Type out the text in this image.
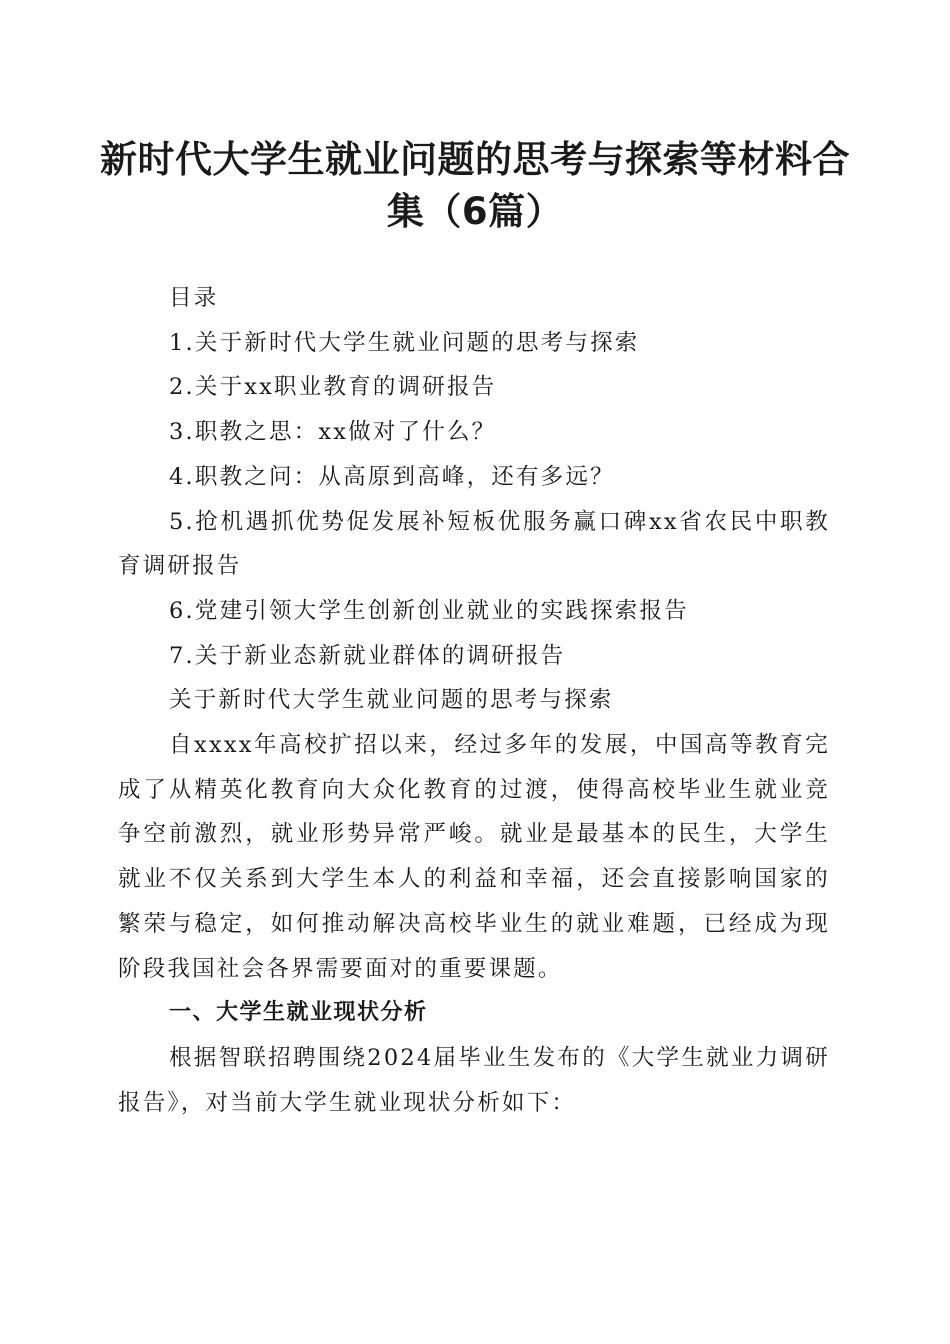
新时代大学生就业问题的思考与探索等材料合集（6篇）

目录

1.关于新时代大学生就业问题的思考与探索

2.关于xx职业教育的调研报告

3.职教之思：xx做对了什么？

4.职教之问：从高原到高峰，还有多远？

5.抢机遇抓优势促发展补短板优服务赢口碑xx省农民中职教育调研报告

6.党建引领大学生创新创业就业的实践探索报告

7.关于新业态新就业群体的调研报告

关于新时代大学生就业问题的思考与探索

自xxxx年高校扩招以来，经过多年的发展，中国高等教育完成了从精英化教育向大众化教育的过渡，使得高校毕业生就业竞争空前激烈，就业形势异常严峻。就业是最基本的民生，大学生就业不仅关系到大学生本人的利益和幸福，还会直接影响国家的繁荣与稳定，如何推动解决高校毕业生的就业难题，已经成为现阶段我国社会各界需要面对的重要课题。

一、大学生就业现状分析

根据智联招聘围绕2024届毕业生发布的《大学生就业力调研报告》，对当前大学生就业现状分析如下：
